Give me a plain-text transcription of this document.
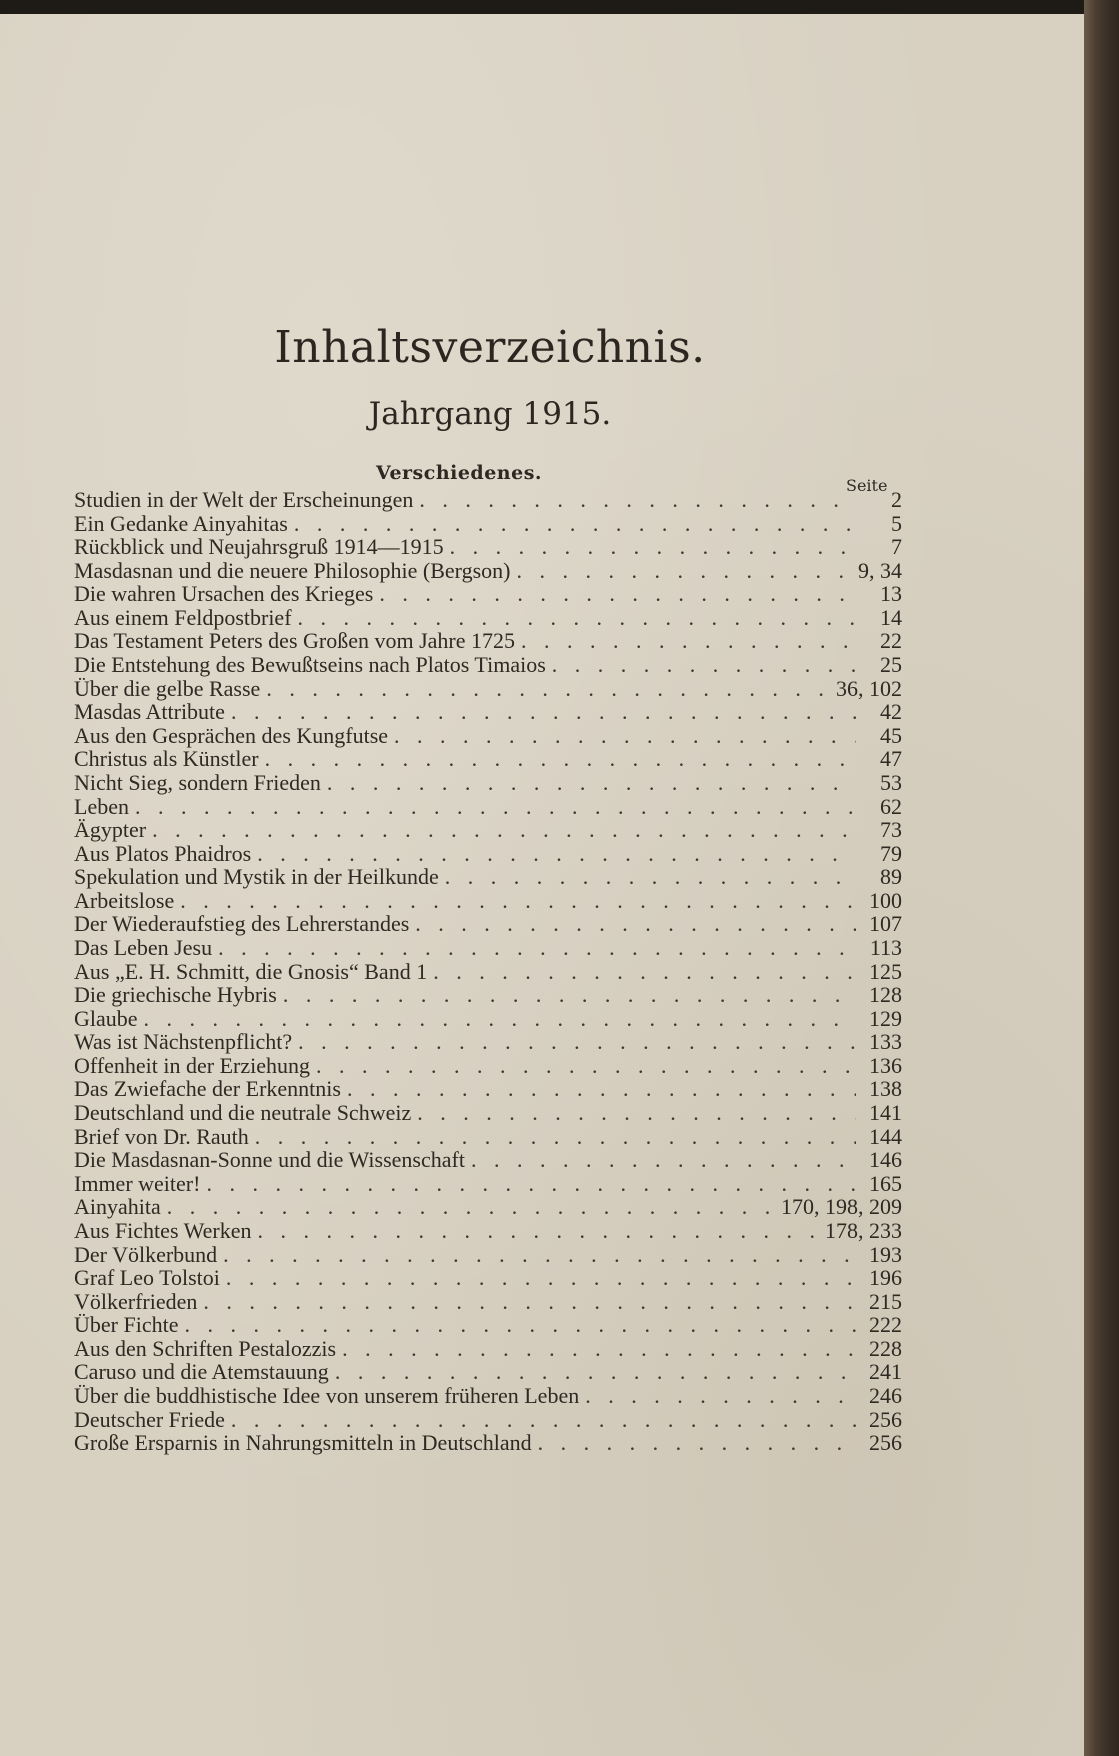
Inhaltsverzeichnis.
Jahrgang 1915.
Verschiedenes.
Seite
Studien in der Welt der Erscheinungen . . .	2
Ein Gedanke Ainyahitas . . .	5
Rückblick und Neujahrsgruß 1914—1915 . . .	7
Masdasnan und die neuere Philosophie (Bergson) . . .	9, 34
Die wahren Ursachen des Krieges . . .	13
Aus einem Feldpostbrief . . .	14
Das Testament Peters des Großen vom Jahre 1725 . . .	22
Die Entstehung des Bewußtseins nach Platos Timaios . . .	25
Über die gelbe Rasse . . .	36, 102
Masdas Attribute . . .	42
Aus den Gesprächen des Kungfutse . . .	45
Christus als Künstler . . .	47
Nicht Sieg, sondern Frieden . . .	53
Leben . . .	62
Ägypter . . .	73
Aus Platos Phaidros . . .	79
Spekulation und Mystik in der Heilkunde . . .	89
Arbeitslose . . .	100
Der Wiederaufstieg des Lehrerstandes . . .	107
Das Leben Jesu . . .	113
Aus „E. H. Schmitt, die Gnosis“ Band 1 . . .	125
Die griechische Hybris . . .	128
Glaube . . .	129
Was ist Nächstenpflicht? . . .	133
Offenheit in der Erziehung . . .	136
Das Zwiefache der Erkenntnis . . .	138
Deutschland und die neutrale Schweiz . . .	141
Brief von Dr. Rauth . . .	144
Die Masdasnan-Sonne und die Wissenschaft . . .	146
Immer weiter! . . .	165
Ainyahita . . .	170, 198, 209
Aus Fichtes Werken . . .	178, 233
Der Völkerbund . . .	193
Graf Leo Tolstoi . . .	196
Völkerfrieden . . .	215
Über Fichte . . .	222
Aus den Schriften Pestalozzis . . .	228
Caruso und die Atemstauung . . .	241
Über die buddhistische Idee von unserem früheren Leben . . .	246
Deutscher Friede . . .	256
Große Ersparnis in Nahrungsmitteln in Deutschland . . .	256
